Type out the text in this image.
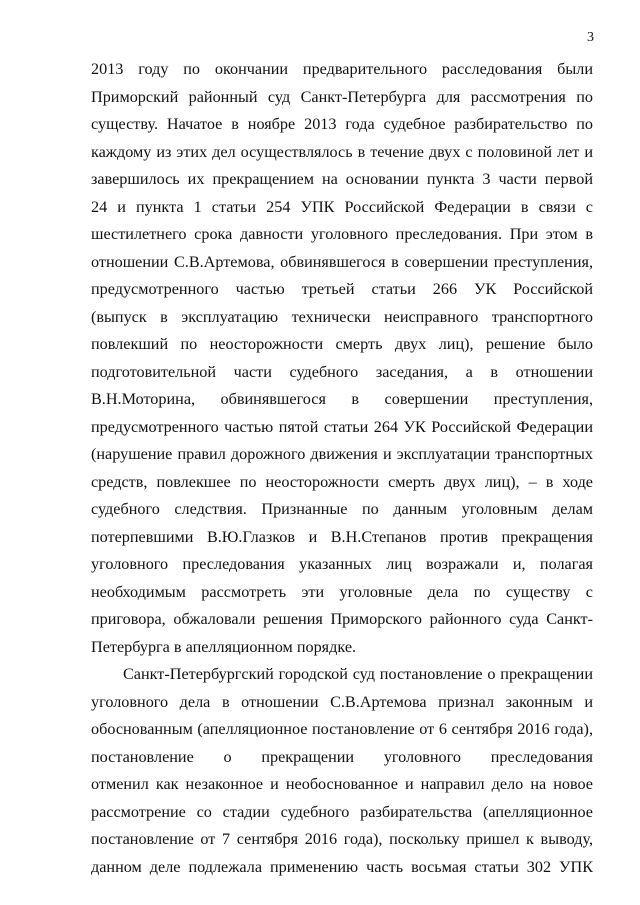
3
2013 году по окончании предварительного расследования были
Приморский районный суд Санкт-Петербурга для рассмотрения по
существу. Начатое в ноябре 2013 года судебное разбирательство по
каждому из этих дел осуществлялось в течение двух с половиной лет и
завершилось их прекращением на основании пункта 3 части первой
24 и пункта 1 статьи 254 УПК Российской Федерации в связи с
шестилетнего срока давности уголовного преследования. При этом в
отношении С.В.Артемова, обвинявшегося в совершении преступления,
предусмотренного частью третьей статьи 266 УК Российской
(выпуск в эксплуатацию технически неисправного транспортного
повлекший по неосторожности смерть двух лиц), решение было
подготовительной части судебного заседания, а в отношении
В.Н.Моторина, обвинявшегося в совершении преступления,
предусмотренного частью пятой статьи 264 УК Российской Федерации
(нарушение правил дорожного движения и эксплуатации транспортных
средств, повлекшее по неосторожности смерть двух лиц), – в ходе
судебного следствия. Признанные по данным уголовным делам
потерпевшими В.Ю.Глазков и В.Н.Степанов против прекращения
уголовного преследования указанных лиц возражали и, полагая
необходимым рассмотреть эти уголовные дела по существу с
приговора, обжаловали решения Приморского районного суда Санкт-
Петербурга в апелляционном порядке.
Санкт-Петербургский городской суд постановление о прекращении
уголовного дела в отношении С.В.Артемова признал законным и
обоснованным (апелляционное постановление от 6 сентября 2016 года),
постановление о прекращении уголовного преследования
отменил как незаконное и необоснованное и направил дело на новое
рассмотрение со стадии судебного разбирательства (апелляционное
постановление от 7 сентября 2016 года), поскольку пришел к выводу,
данном деле подлежала применению часть восьмая статьи 302 УПК
